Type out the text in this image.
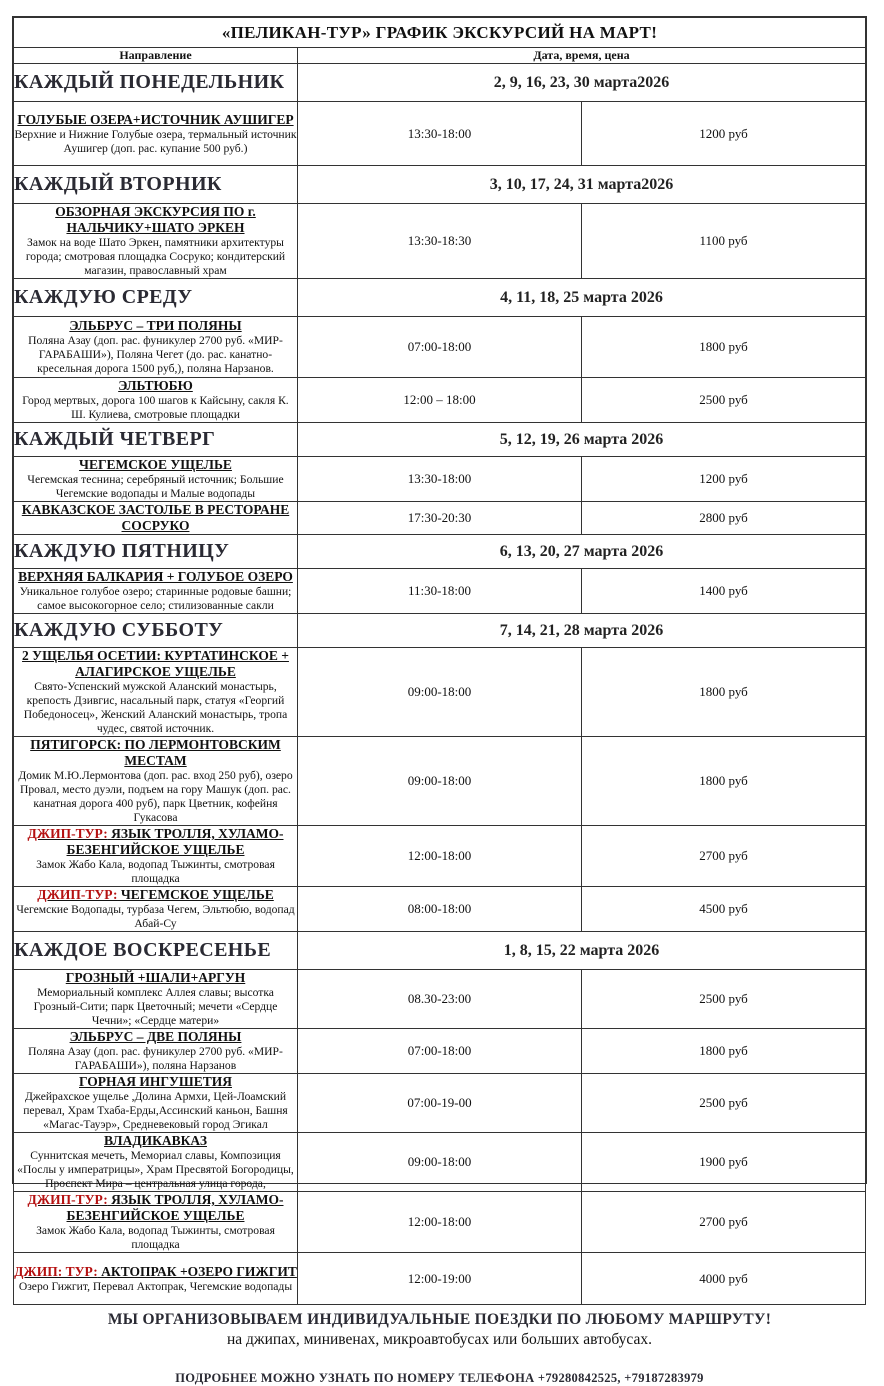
«ПЕЛИКАН-ТУР» ГРАФИК ЭКСКУРСИЙ НА МАРТ!		
Направление	Дата, время, цена	
КАЖДЫЙ ПОНЕДЕЛЬНИК	2, 9, 16, 23, 30 марта2026	

ГОЛУБЫЕ ОЗЕРА+ИСТОЧНИК АУШИГЕР
Верхние и Нижние Голубые озера, термальный источник Аушигер (доп. рас. купание 500 руб.)	13:30-18:00	1200 руб
КАЖДЫЙ ВТОРНИК	3, 10, 17, 24, 31 марта2026	

ОБЗОРНАЯ ЭКСКУРСИЯ ПО г. НАЛЬЧИКУ+ШАТО ЭРКЕН
Замок на воде Шато Эркен, памятники архитектуры города; смотровая площадка Сосруко; кондитерский магазин, православный храм	13:30-18:30	1100 руб
КАЖДУЮ СРЕДУ	4, 11, 18, 25 марта 2026	

ЭЛЬБРУС – ТРИ ПОЛЯНЫ
Поляна Азау (доп. рас. фуникулер 2700 руб. «МИР-ГАРАБАШИ»), Поляна Чегет (до. рас. канатно-кресельная дорога 1500 руб,), поляна Нарзанов.	07:00-18:00	1800 руб

ЭЛЬТЮБЮ
Город мертвых, дорога 100 шагов к Кайсыну, сакля К. Ш. Кулиева, смотровые площадки	12:00 – 18:00	2500 руб
КАЖДЫЙ ЧЕТВЕРГ	5, 12, 19, 26 марта 2026	

ЧЕГЕМСКОЕ УЩЕЛЬЕ
Чегемская теснина; серебряный источник; Большие Чегемские водопады и Малые водопады	13:30-18:00	1200 руб

КАВКАЗСКОЕ ЗАСТОЛЬЕ В РЕСТОРАНЕ СОСРУКО	17:30-20:30	2800 руб
КАЖДУЮ ПЯТНИЦУ	6, 13, 20, 27 марта 2026	

ВЕРХНЯЯ БАЛКАРИЯ + ГОЛУБОЕ ОЗЕРО
Уникальное голубое озеро; старинные родовые башни; самое высокогорное село; стилизованные сакли	11:30-18:00	1400 руб
КАЖДУЮ СУББОТУ	7, 14, 21, 28 марта 2026	

2 УЩЕЛЬЯ ОСЕТИИ: КУРТАТИНСКОЕ + АЛАГИРСКОЕ УЩЕЛЬЕ
Свято-Успенский мужской Аланский монастырь, крепость Дзивгис, насальный парк, статуя «Георгий Победоносец», Женский Аланский монастырь, тропа чудес, святой источник.	09:00-18:00	1800 руб

ПЯТИГОРСК: ПО ЛЕРМОНТОВСКИМ МЕСТАМ
Домик М.Ю.Лермонтова (доп. рас. вход 250 руб), озеро Провал, место дуэли, подъем на гору Машук (доп. рас. канатная дорога 400 руб), парк Цветник, кофейня Гукасова	09:00-18:00	1800 руб

ДЖИП-ТУР: ЯЗЫК ТРОЛЛЯ, ХУЛАМО-БЕЗЕНГИЙСКОЕ УЩЕЛЬЕ
Замок Жабо Кала, водопад Тыжинты, смотровая площадка	12:00-18:00	2700 руб

ДЖИП-ТУР: ЧЕГЕМСКОЕ УЩЕЛЬЕ
Чегемские Водопады, турбаза Чегем, Эльтюбю, водопад Абай-Су	08:00-18:00	4500 руб
КАЖДОЕ ВОСКРЕСЕНЬЕ	1, 8, 15, 22 марта 2026	

ГРОЗНЫЙ +ШАЛИ+АРГУН
Мемориальный комплекс Аллея славы; высотка Грозный-Сити; парк Цветочный; мечети «Сердце Чечни»; «Сердце матери»	08.30-23:00	2500 руб

ЭЛЬБРУС – ДВЕ ПОЛЯНЫ
Поляна Азау (доп. рас. фуникулер 2700 руб. «МИР-ГАРАБАШИ»), поляна Нарзанов	07:00-18:00	1800 руб

ГОРНАЯ ИНГУШЕТИЯ
Джейрахское ущелье ,Долина Армхи, Цей-Лоамский перевал, Храм Тхаба-Ерды,Ассинский каньон, Башня «Магас-Тауэр», Средневековый город Эгикал	07:00-19-00	2500 руб

ВЛАДИКАВКАЗ
Суннитская мечеть, Мемориал славы, Композиция «Послы у императрицы», Храм Пресвятой Богородицы, Проспект Мира – центральная улица города,	09:00-18:00	1900 руб

ДЖИП-ТУР: ЯЗЫК ТРОЛЛЯ, ХУЛАМО-БЕЗЕНГИЙСКОЕ УЩЕЛЬЕ
Замок Жабо Кала, водопад Тыжинты, смотровая площадка	12:00-18:00	2700 руб

ДЖИП: ТУР: АКТОПРАК +ОЗЕРО ГИЖГИТ
Озеро Гижгит, Перевал Актопрак, Чегемские водопады	12:00-19:00	4000 руб
МЫ ОРГАНИЗОВЫВАЕМ ИНДИВИДУАЛЬНЫЕ ПОЕЗДКИ ПО ЛЮБОМУ МАРШРУТУ!
на джипах, минивенах, микроавтобусах или больших автобусах.
ПОДРОБНЕЕ МОЖНО УЗНАТЬ ПО НОМЕРУ ТЕЛЕФОНА +79280842525, +79187283979
